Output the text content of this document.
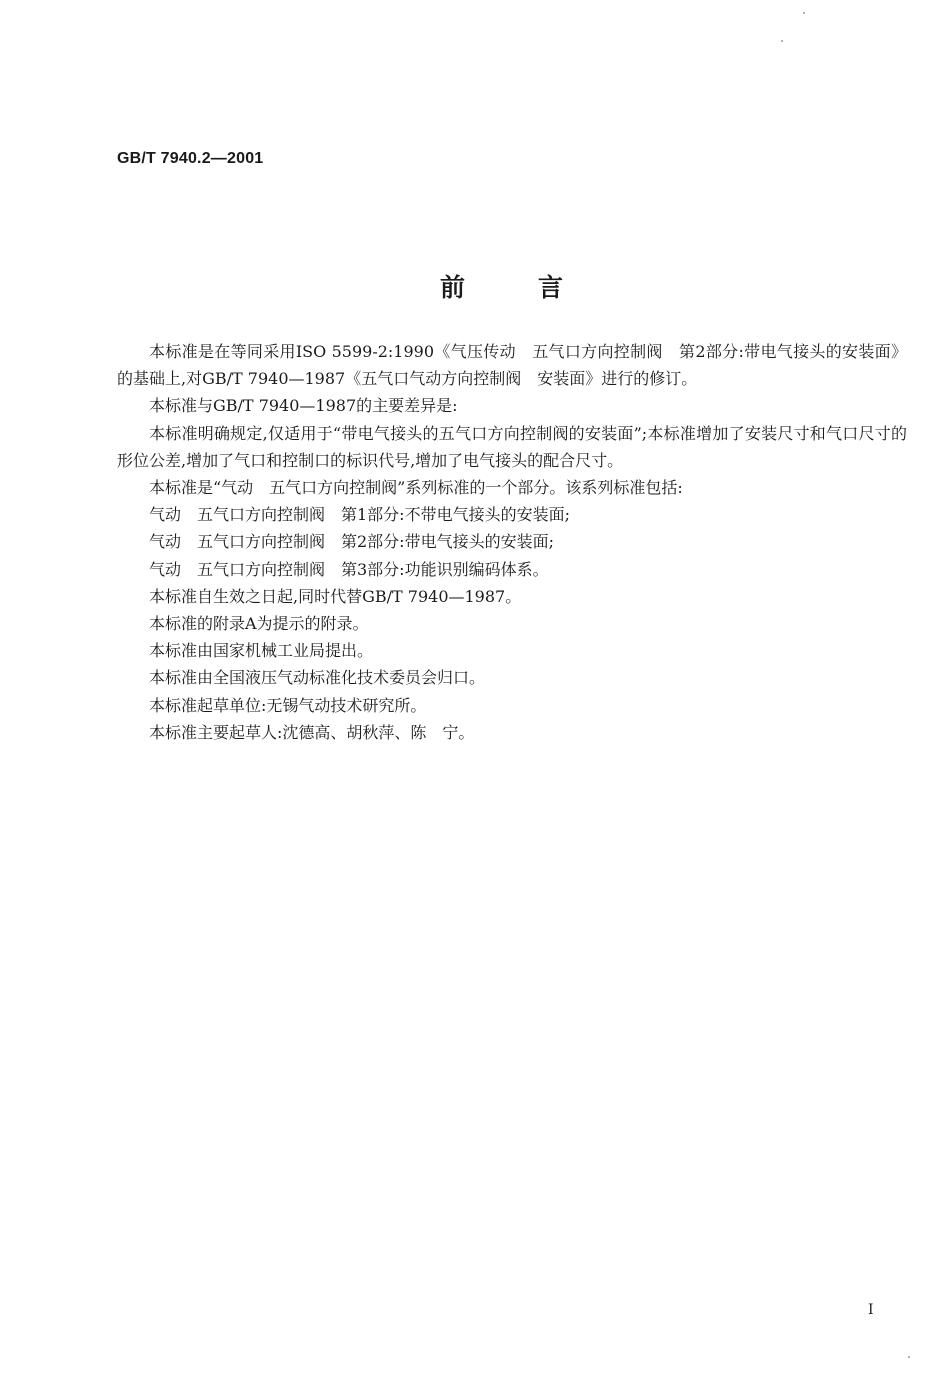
GB/T 7940.2—2001
前	言

本标准是在等同采用ISO 5599-2:1990《气压传动　五气口方向控制阀　第2部分:带电气接头的安装面》的基础上,对GB/T 7940—1987《五气口气动方向控制阀　安装面》进行的修订。

本标准与GB/T 7940—1987的主要差异是:

本标准明确规定,仅适用于“带电气接头的五气口方向控制阀的安装面”;本标准增加了安装尺寸和气口尺寸的形位公差,增加了气口和控制口的标识代号,增加了电气接头的配合尺寸。

本标准是“气动　五气口方向控制阀”系列标准的一个部分。该系列标准包括:

气动　五气口方向控制阀　第1部分:不带电气接头的安装面;

气动　五气口方向控制阀　第2部分:带电气接头的安装面;

气动　五气口方向控制阀　第3部分:功能识别编码体系。

本标准自生效之日起,同时代替GB/T 7940—1987。

本标准的附录A为提示的附录。

本标准由国家机械工业局提出。

本标准由全国液压气动标准化技术委员会归口。

本标准起草单位:无锡气动技术研究所。

本标准主要起草人:沈德高、胡秋萍、陈　宁。

I
